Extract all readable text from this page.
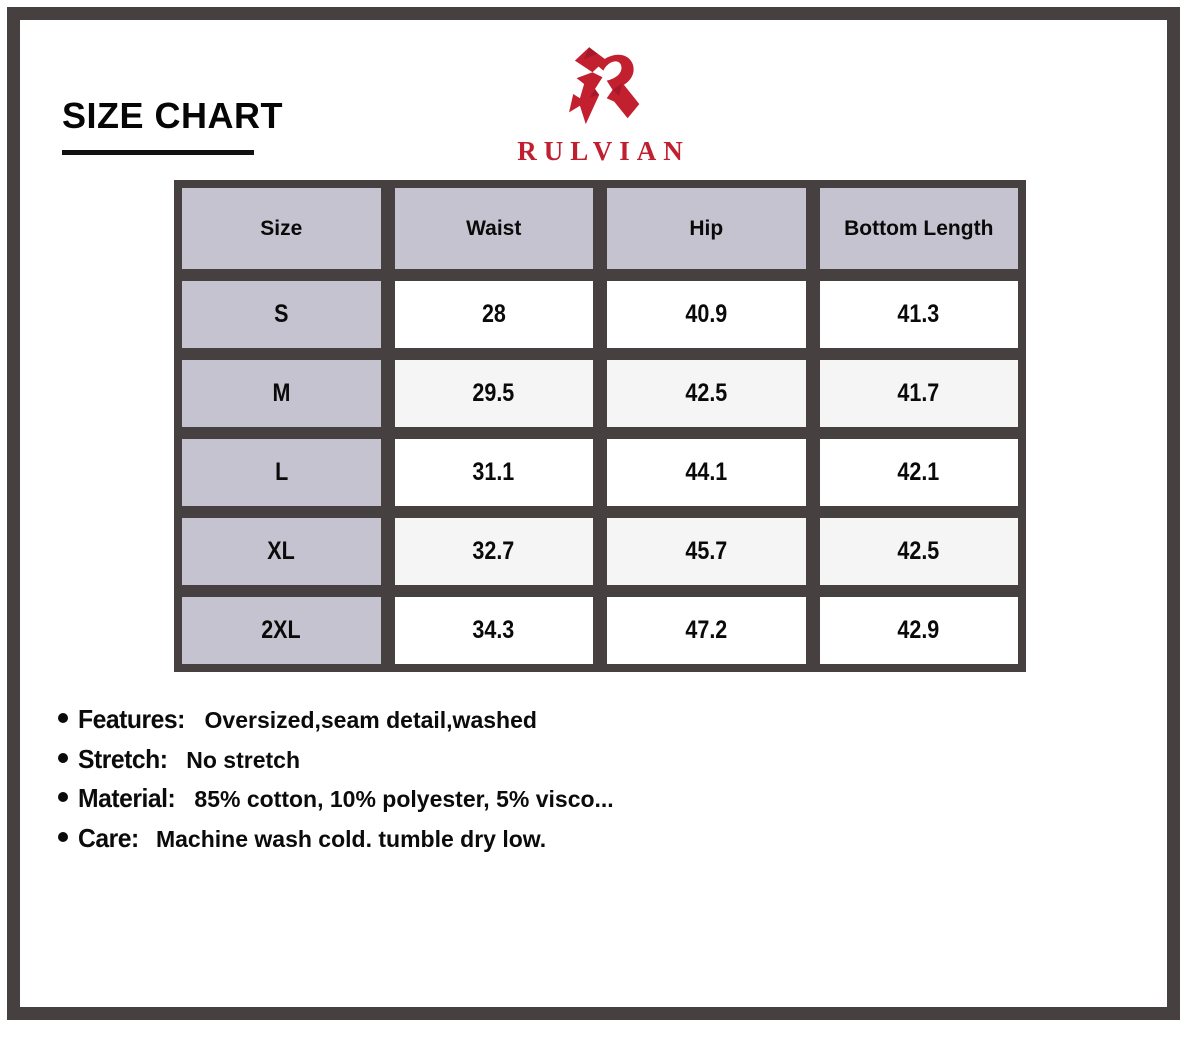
SIZE CHART
RULVIAN
Size	Waist	Hip	Bottom Length
S	28	40.9	41.3
M	29.5	42.5	41.7
L	31.1	44.1	42.1
XL	32.7	45.7	42.5
2XL	34.3	47.2	42.9
Features: Oversized,seam detail,washed
Stretch: No stretch
Material: 85% cotton, 10% polyester, 5% visco...
Care: Machine wash cold. tumble dry low.
